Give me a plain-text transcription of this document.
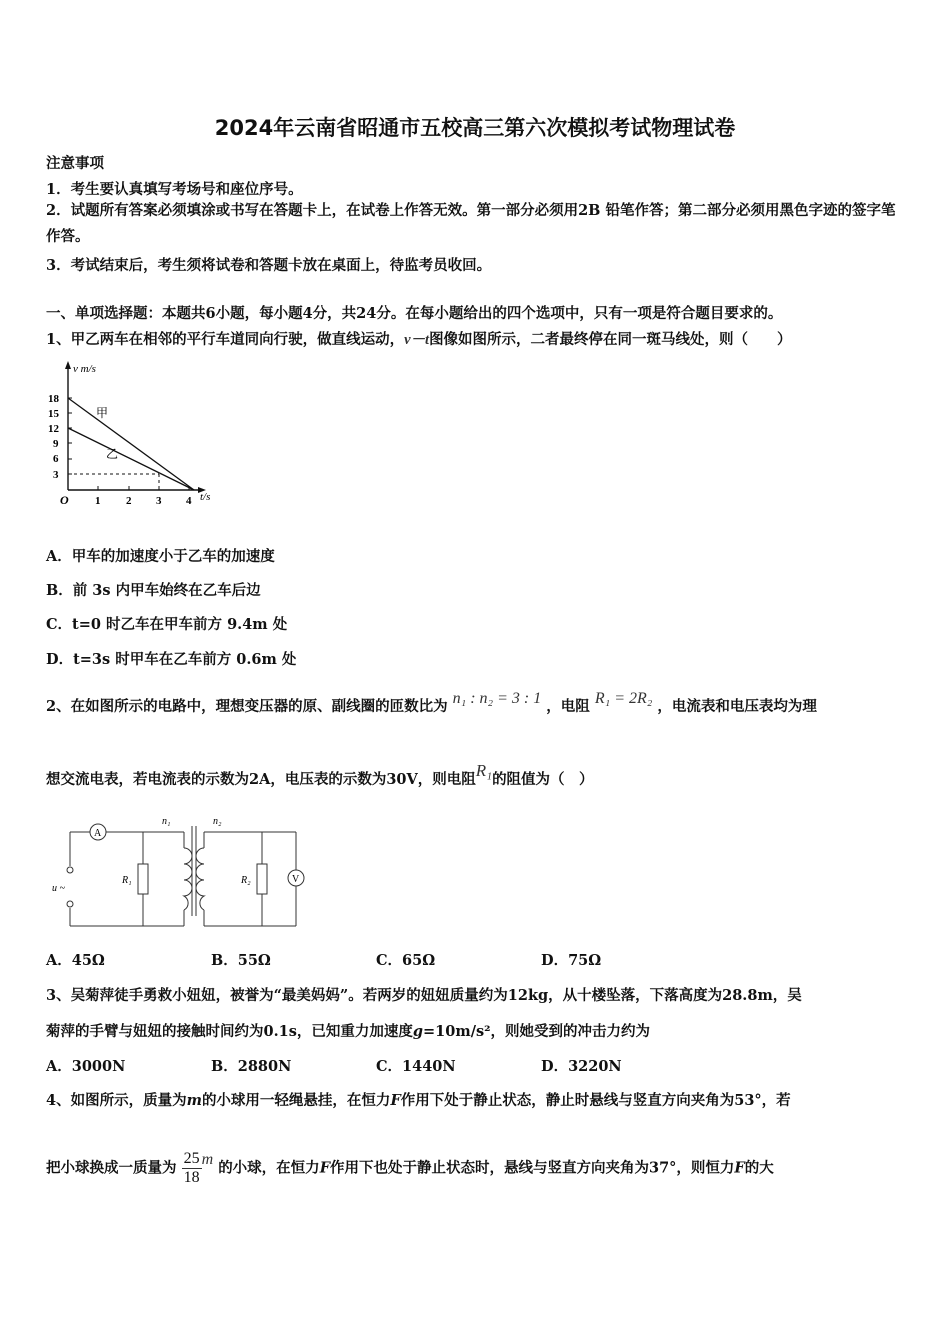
2024年云南省昭通市五校高三第六次模拟考试物理试卷
注意事项
1．考生要认真填写考场号和座位序号。
2．试题所有答案必须填涂或书写在答题卡上，在试卷上作答无效。第一部分必须用2B 铅笔作答；第二部分必须用黑色字迹的签字笔作答。
3．考试结束后，考生须将试卷和答题卡放在桌面上，待监考员收回。
一、单项选择题：本题共6小题，每小题4分，共24分。在每小题给出的四个选项中，只有一项是符合题目要求的。
1、甲乙两车在相邻的平行车道同向行驶，做直线运动，v－t图像如图所示，二者最终停在同一斑马线处，则（　　）
v m/s
t/s
O
18
15
12
9
6
3
1 2 3 4
甲
乙
A．甲车的加速度小于乙车的加速度
B．前 3s 内甲车始终在乙车后边
C．t=0 时乙车在甲车前方 9.4m 处
D．t=3s 时甲车在乙车前方 0.6m 处
2、在如图所示的电路中，理想变压器的原、副线圈的匝数比为 n₁ : n₂ = 3 : 1 ，电阻 R₁ = 2R₂ ，电流表和电压表均为理
想交流电表，若电流表的示数为2A，电压表的示数为30V，则电阻R₁的阻值为（　）
A
V
n₁	n₂
R₁	R₂
u ~
A．45Ω	B．55Ω	C．65Ω	D．75Ω
3、吴菊萍徒手勇救小妞妞，被誉为“最美妈妈”。若两岁的妞妞质量约为12kg，从十楼坠落，下落高度为28.8m，吴
菊萍的手臂与妞妞的接触时间约为0.1s，已知重力加速度g=10m/s²，则她受到的冲击力约为
A．3000N	B．2880N	C．1440N	D．3220N
4、如图所示，质量为m的小球用一轻绳悬挂，在恒力F作用下处于静止状态，静止时悬线与竖直方向夹角为53°，若
把小球换成一质量为 $\frac{25}{18}$ m 的小球，在恒力F作用下也处于静止状态时，悬线与竖直方向夹角为37°，则恒力F的大
